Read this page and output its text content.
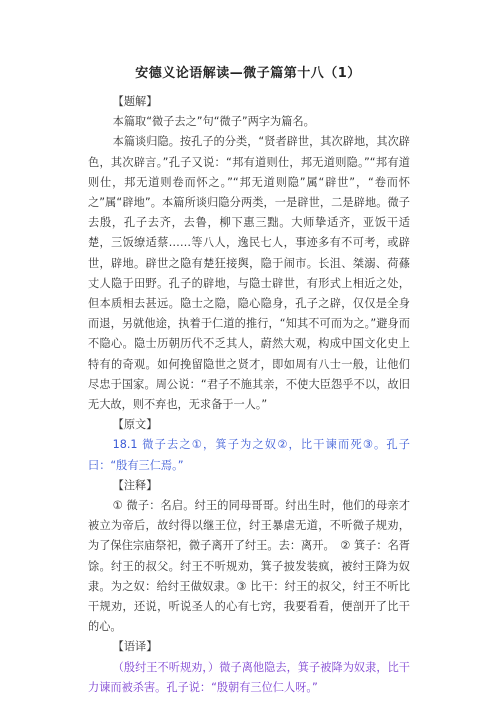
安德义论语解读—微子篇第十八（1）

【题解】

本篇取“微子去之”句“微子”两字为篇名。

本篇谈归隐。按孔子的分类，“贤者辟世，其次辟地，其次辟色，其次辟言。”孔子又说：“邦有道则仕，邦无道则隐。”“邦有道则仕，邦无道则卷而怀之。”“邦无道则隐”属“辟世”，“卷而怀之”属“辟地”。本篇所谈归隐分两类，一是辟世，二是辟地。微子去殷，孔子去齐，去鲁，柳下惠三黜。大师挚适齐，亚饭干适楚，三饭缭适蔡……等八人，逸民七人，事迹多有不可考，或辟世，辟地。辟世之隐有楚狂接舆，隐于闹市。长沮、桀溺、荷蓧丈人隐于田野。孔子的辟地，与隐士辟世，有形式上相近之处，但本质相去甚远。隐士之隐，隐心隐身，孔子之辟，仅仅是全身而退，另就他途，执着于仁道的推行，“知其不可而为之。”避身而不隐心。隐士历朝历代不乏其人，蔚然大观，构成中国文化史上特有的奇观。如何挽留隐世之贤才，即如周有八士一般，让他们尽忠于国家。周公说：“君子不施其亲，不使大臣怨乎不以，故旧无大故，则不弃也，无求备于一人。”

【原文】

18.1 微子去之①，箕子为之奴②，比干谏而死③。孔子曰：“殷有三仁焉。”

【注释】

① 微子：名启。纣王的同母哥哥。纣出生时，他们的母亲才被立为帝后，故纣得以继王位，纣王暴虐无道，不听微子规劝，为了保住宗庙祭祀，微子离开了纣王。去：离开。　② 箕子：名胥馀。纣王的叔父。纣王不听规劝，箕子披发装疯，被纣王降为奴隶。为之奴：给纣王做奴隶。③ 比干：纣王的叔父，纣王不听比干规劝，还说，听说圣人的心有七窍，我要看看，便剖开了比干的心。

【语译】

（殷纣王不听规劝，）微子离他隐去，箕子被降为奴隶，比干力谏而被杀害。孔子说：“殷朝有三位仁人呀。”
